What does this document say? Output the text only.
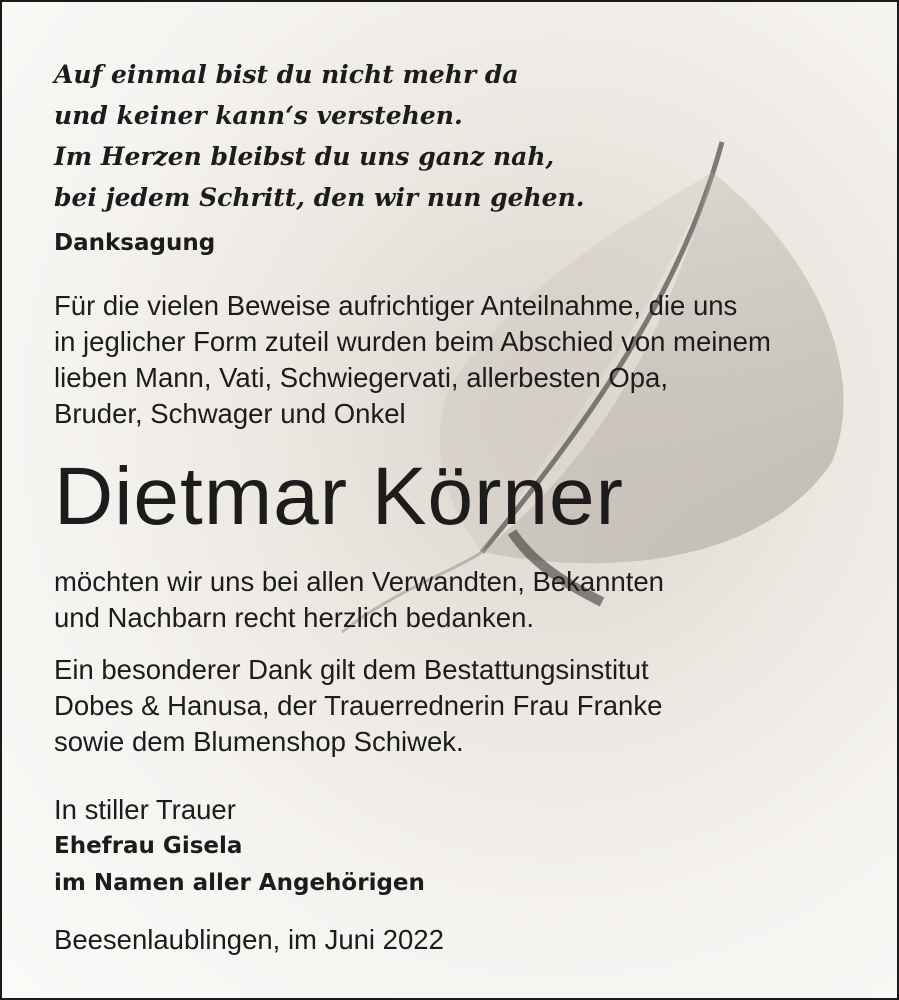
Auf einmal bist du nicht mehr da
und keiner kann‘s verstehen.
Im Herzen bleibst du uns ganz nah,
bei jedem Schritt, den wir nun gehen.
Danksagung
Für die vielen Beweise aufrichtiger Anteilnahme, die uns
in jeglicher Form zuteil wurden beim Abschied von meinem
lieben Mann, Vati, Schwiegervati, allerbesten Opa,
Bruder, Schwager und Onkel
Dietmar Körner
möchten wir uns bei allen Verwandten, Bekannten
und Nachbarn recht herzlich bedanken.
Ein besonderer Dank gilt dem Bestattungsinstitut
Dobes & Hanusa, der Trauerrednerin Frau Franke
sowie dem Blumenshop Schiwek.
In stiller Trauer
Ehefrau Gisela
im Namen aller Angehörigen
Beesenlaublingen, im Juni 2022
